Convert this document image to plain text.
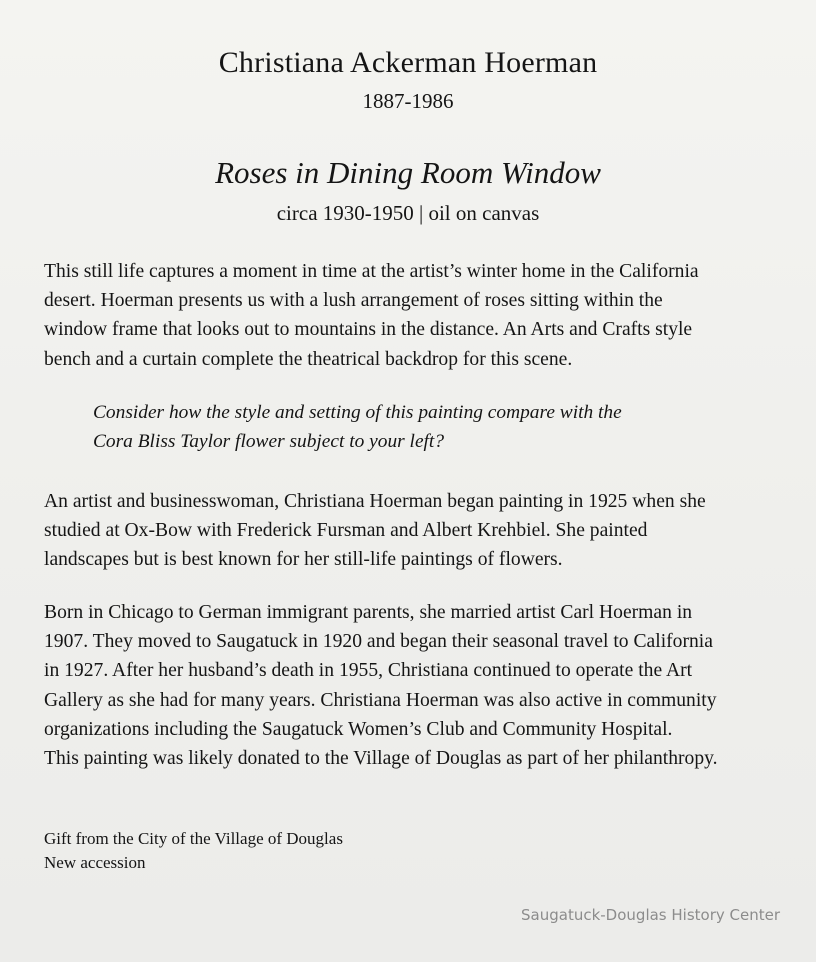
Christiana Ackerman Hoerman
1887-1986
Roses in Dining Room Window
circa 1930-1950 | oil on canvas
This still life captures a moment in time at the artist’s winter home in the California
desert. Hoerman presents us with a lush arrangement of roses sitting within the
window frame that looks out to mountains in the distance. An Arts and Crafts style
bench and a curtain complete the theatrical backdrop for this scene.
Consider how the style and setting of this painting compare with the
Cora Bliss Taylor flower subject to your left?
An artist and businesswoman, Christiana Hoerman began painting in 1925 when she
studied at Ox-Bow with Frederick Fursman and Albert Krehbiel. She painted
landscapes but is best known for her still-life paintings of flowers.
Born in Chicago to German immigrant parents, she married artist Carl Hoerman in
1907. They moved to Saugatuck in 1920 and began their seasonal travel to California
in 1927. After her husband’s death in 1955, Christiana continued to operate the Art
Gallery as she had for many years. Christiana Hoerman was also active in community
organizations including the Saugatuck Women’s Club and Community Hospital.
This painting was likely donated to the Village of Douglas as part of her philanthropy.
Gift from the City of the Village of Douglas
New accession
Saugatuck-Douglas History Center
